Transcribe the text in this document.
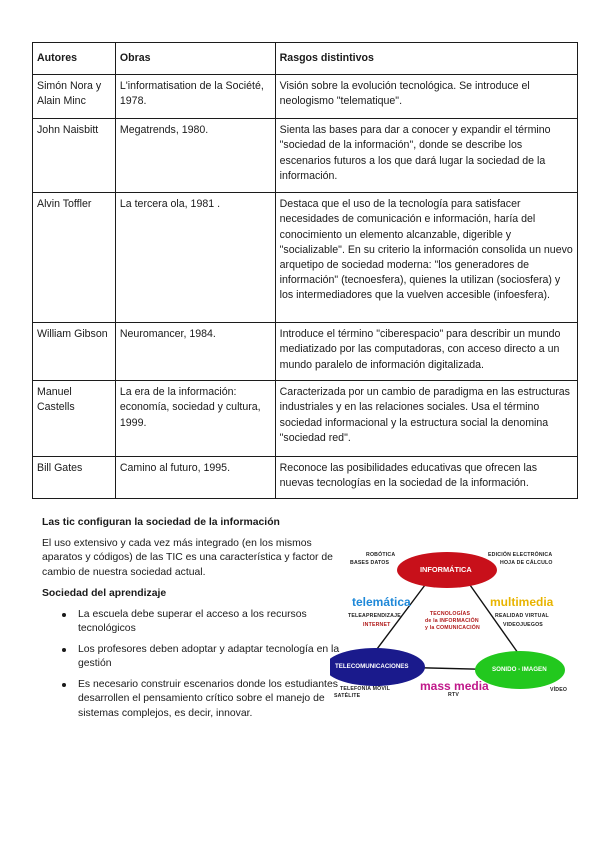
Autores	Obras	Rasgos distintivos
Simón Nora y Alain Minc	L'informatisation de la Société, 1978.	Visión sobre la evolución tecnológica. Se introduce el neologismo "telematique".
John Naisbitt	Megatrends, 1980.	Sienta las bases para dar a conocer y expandir el término "sociedad de la información", donde se describe los escenarios futuros a los que dará lugar la sociedad de la información.
Alvin Toffler	La tercera ola, 1981 .	Destaca que el uso de la tecnología para satisfacer necesidades de comunicación e información, haría del conocimiento un elemento alcanzable, digerible y "socializable". En su criterio la información consolida un nuevo arquetipo de sociedad moderna: "los generadores de información" (tecnoesfera), quienes la utilizan (sociosfera) y los intermediadores que la vuelven accesible (infoesfera).
William Gibson	Neuromancer, 1984.	Introduce el término "ciberespacio" para describir un mundo mediatizado por las computadoras, con acceso directo a un mundo paralelo de información digitalizada.
Manuel Castells	La era de la información: economía, sociedad y cultura, 1999.	Caracterizada por un cambio de paradigma en las estructuras industriales y en las relaciones sociales. Usa el término sociedad informacional y la estructura social la denomina "sociedad red".
Bill Gates	Camino al futuro, 1995.	Reconoce las posibilidades educativas que ofrecen las nuevas tecnologías en la sociedad de la información.
Las tic configuran la sociedad de la información

El uso extensivo y cada vez más integrado (en los mismos aparatos y códigos) de las TIC es una característica y factor de cambio de nuestra sociedad actual.

Sociedad del aprendizaje
La escuela debe superar el acceso a los recursos tecnológicos
Los profesores deben adoptar y adaptar tecnología en la gestión
Es necesario construir escenarios donde los estudiantes desarrollen el pensamiento crítico sobre el manejo de sistemas complejos, es decir, innovar.
INFORMÁTICA
TELECOMUNICACIONES	SONIDO - IMAGEN
TECNOLOGÍAS
de la INFORMACIÓN
y la COMUNICACIÓN
telemática
TELEAPRENDIZAJE
INTERNET
multimedia
REALIDAD VIRTUAL
VIDEOJUEGOS
mass media
RTV
ROBÓTICA
BASES DATOS
EDICIÓN ELECTRÓNICA
HOJA DE CÁLCULO
TELEFONÍA MÓVIL
SATÉLITE
VÍDEO
